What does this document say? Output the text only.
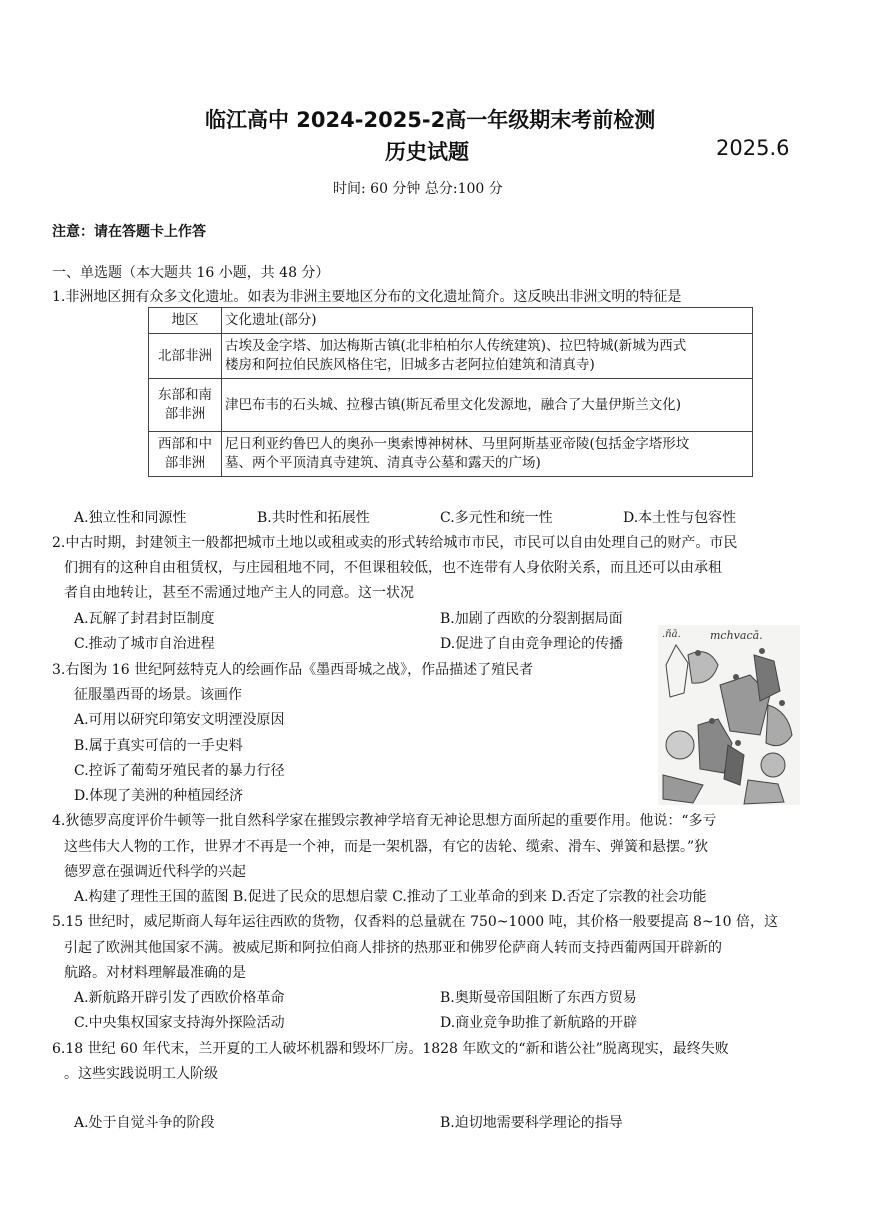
临江高中 2024-2025-2高一年级期末考前检测
历史试题	2025.6
时间: 60 分钟 总分:100 分
注意：请在答题卡上作答
一、单选题（本大题共 16 小题，共 48 分）
1.非洲地区拥有众多文化遗址。如表为非洲主要地区分布的文化遗址简介。这反映出非洲文明的特征是
地区	文化遗址(部分)
北部非洲	古埃及金字塔、加达梅斯古镇(北非柏柏尔人传统建筑)、拉巴特城(新城为西式
楼房和阿拉伯民族风格住宅，旧城多古老阿拉伯建筑和清真寺)
东部和南
部非洲	津巴布韦的石头城、拉穆古镇(斯瓦希里文化发源地，融合了大量伊斯兰文化)
西部和中
部非洲	尼日利亚约鲁巴人的奥孙一奥索博神树林、马里阿斯基亚帝陵(包括金字塔形坟
墓、两个平顶清真寺建筑、清真寺公墓和露天的广场)
A.独立性和同源性	B.共时性和拓展性	C.多元性和统一性	D.本土性与包容性
2.中古时期，封建领主一般都把城市土地以或租或卖的形式转给城市市民，市民可以自由处理自己的财产。市民
们拥有的这种自由租赁权，与庄园租地不同，不但课租较低，也不连带有人身依附关系，而且还可以由承租
者自由地转让，甚至不需通过地产主人的同意。这一状况
A.瓦解了封君封臣制度	B.加剧了西欧的分裂割据局面
C.推动了城市自治进程	D.促进了自由竞争理论的传播
.ñā.	mchvacā.
3.右图为 16 世纪阿兹特克人的绘画作品《墨西哥城之战》，作品描述了殖民者
征服墨西哥的场景。该画作
A.可用以研究印第安文明湮没原因
B.属于真实可信的一手史料
C.控诉了葡萄牙殖民者的暴力行径
D.体现了美洲的种植园经济
4.狄德罗高度评价牛顿等一批自然科学家在摧毁宗教神学培育无神论思想方面所起的重要作用。他说：“多亏
这些伟大人物的工作，世界才不再是一个神，而是一架机器，有它的齿轮、缆索、滑车、弹簧和悬摆。”狄
德罗意在强调近代科学的兴起
A.构建了理性王国的蓝图 B.促进了民众的思想启蒙 C.推动了工业革命的到来 D.否定了宗教的社会功能
5.15 世纪时，威尼斯商人每年运往西欧的货物，仅香料的总量就在 750~1000 吨，其价格一般要提高 8~10 倍，这
引起了欧洲其他国家不满。被威尼斯和阿拉伯商人排挤的热那亚和佛罗伦萨商人转而支持西葡两国开辟新的
航路。对材料理解最准确的是
A.新航路开辟引发了西欧价格革命	B.奥斯曼帝国阻断了东西方贸易
C.中央集权国家支持海外探险活动	D.商业竞争助推了新航路的开辟
6.18 世纪 60 年代末，兰开夏的工人破坏机器和毁坏厂房。1828 年欧文的“新和谐公社”脱离现实，最终失败
。这些实践说明工人阶级
A.处于自觉斗争的阶段	B.迫切地需要科学理论的指导
